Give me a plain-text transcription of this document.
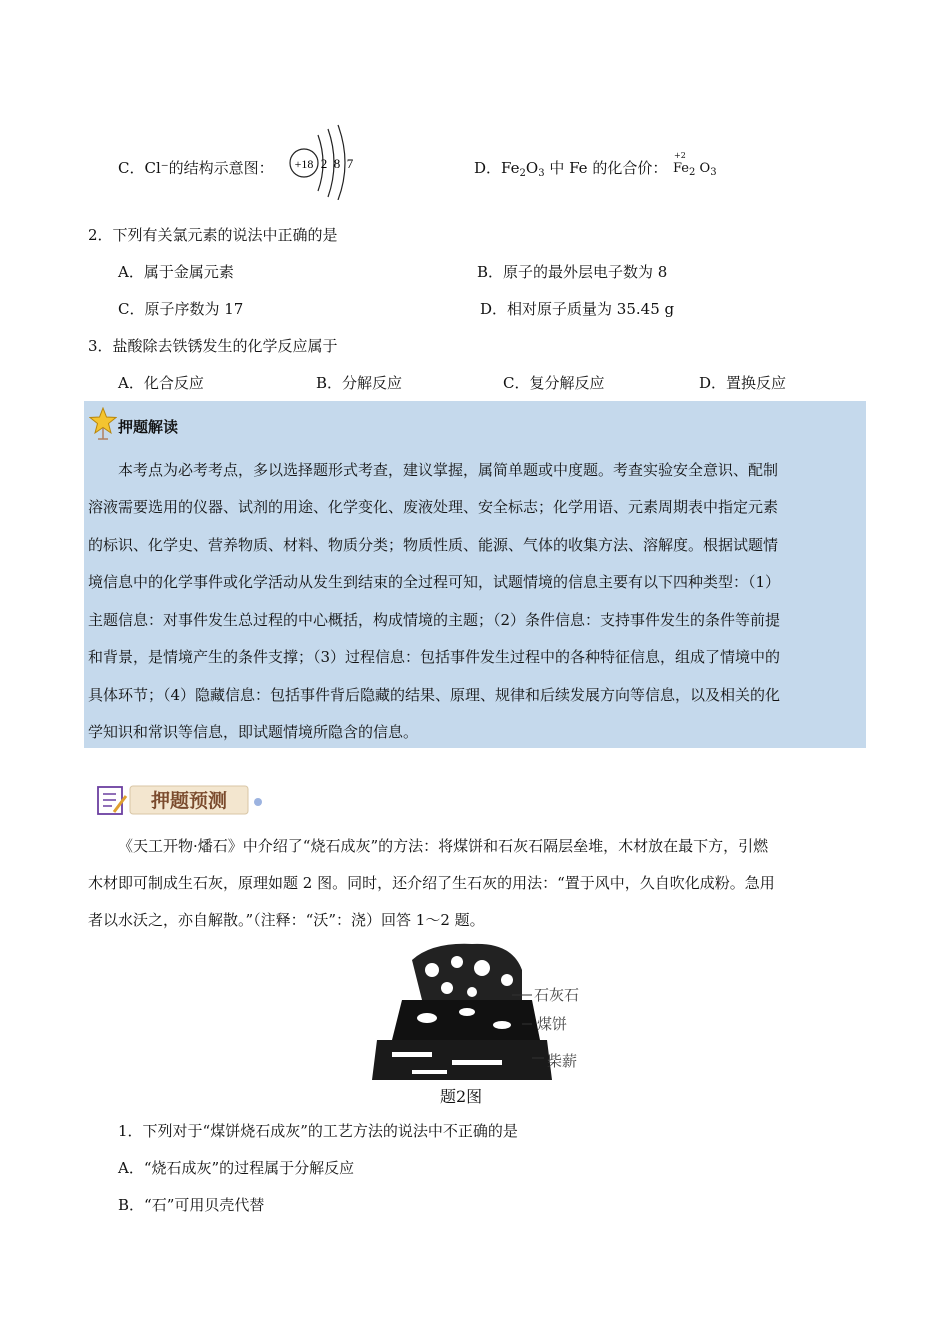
C．Cl⁻的结构示意图： +18 2 8 7	D．$Fe_2O_3$ 中 Fe 的化合价：
+2
$Fe_2$ $O_3$
2．下列有关氯元素的说法中正确的是
A．属于金属元素	B．原子的最外层电子数为 8
C．原子序数为 17	D．相对原子质量为 35.45 g
3．盐酸除去铁锈发生的化学反应属于
A．化合反应	B．分解反应	C．复分解反应	D．置换反应
押题解读
本考点为必考考点，多以选择题形式考查，建议掌握，属简单题或中度题。考查实验安全意识、配制
溶液需要选用的仪器、试剂的用途、化学变化、废液处理、安全标志；化学用语、元素周期表中指定元素
的标识、化学史、营养物质、材料、物质分类；物质性质、能源、气体的收集方法、溶解度。根据试题情
境信息中的化学事件或化学活动从发生到结束的全过程可知，试题情境的信息主要有以下四种类型：（1）
主题信息：对事件发生总过程的中心概括，构成情境的主题；（2）条件信息：支持事件发生的条件等前提
和背景，是情境产生的条件支撑；（3）过程信息：包括事件发生过程中的各种特征信息，组成了情境中的
具体环节；（4）隐藏信息：包括事件背后隐藏的结果、原理、规律和后续发展方向等信息，以及相关的化
学知识和常识等信息，即试题情境所隐含的信息。
押题预测
《天工开物·燔石》中介绍了“烧石成灰”的方法：将煤饼和石灰石隔层垒堆，木材放在最下方，引燃
木材即可制成生石灰，原理如题 2 图。同时，还介绍了生石灰的用法：“置于风中，久自吹化成粉。急用
者以水沃之，亦自解散。”（注释：“沃”：浇）回答 1～2 题。
石灰石
煤饼
柴薪
题2图
1．下列对于“煤饼烧石成灰”的工艺方法的说法中不正确的是
A．“烧石成灰”的过程属于分解反应
B．“石”可用贝壳代替
